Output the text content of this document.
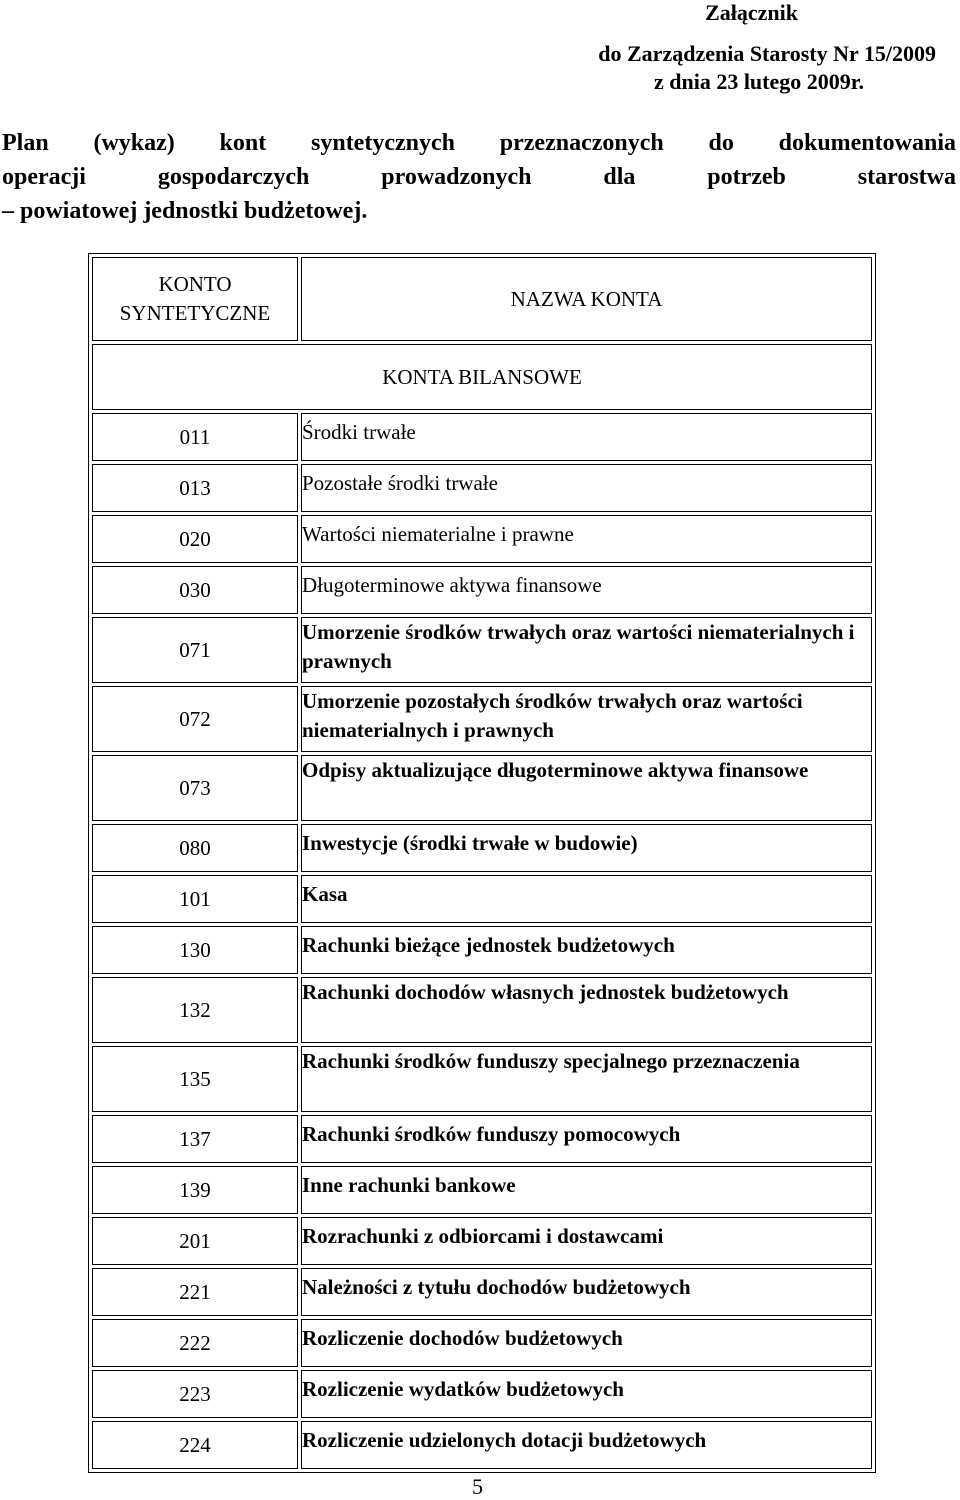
Załącznik
do Zarządzenia Starosty Nr 15/2009
z dnia 23 lutego 2009r.
Plan (wykaz) kont syntetycznych przeznaczonych do dokumentowania
operacji gospodarczych prowadzonych dla potrzeb starostwa
– powiatowej jednostki budżetowej.
KONTO
SYNTETYCZNE	NAZWA KONTA
KONTA BILANSOWE	
011	Środki trwałe
013	Pozostałe środki trwałe
020	Wartości niematerialne i prawne
030	Długoterminowe aktywa finansowe
071	Umorzenie środków trwałych oraz wartości niematerialnych i prawnych
072	Umorzenie pozostałych środków trwałych oraz wartości niematerialnych i prawnych
073	Odpisy aktualizujące długoterminowe aktywa finansowe
080	Inwestycje (środki trwałe w budowie)
101	Kasa
130	Rachunki bieżące jednostek budżetowych
132	Rachunki dochodów własnych jednostek budżetowych
135	Rachunki środków funduszy specjalnego przeznaczenia
137	Rachunki środków funduszy pomocowych
139	Inne rachunki bankowe
201	Rozrachunki z odbiorcami i dostawcami
221	Należności z tytułu dochodów budżetowych
222	Rozliczenie dochodów budżetowych
223	Rozliczenie wydatków budżetowych
224	Rozliczenie udzielonych dotacji budżetowych
5
